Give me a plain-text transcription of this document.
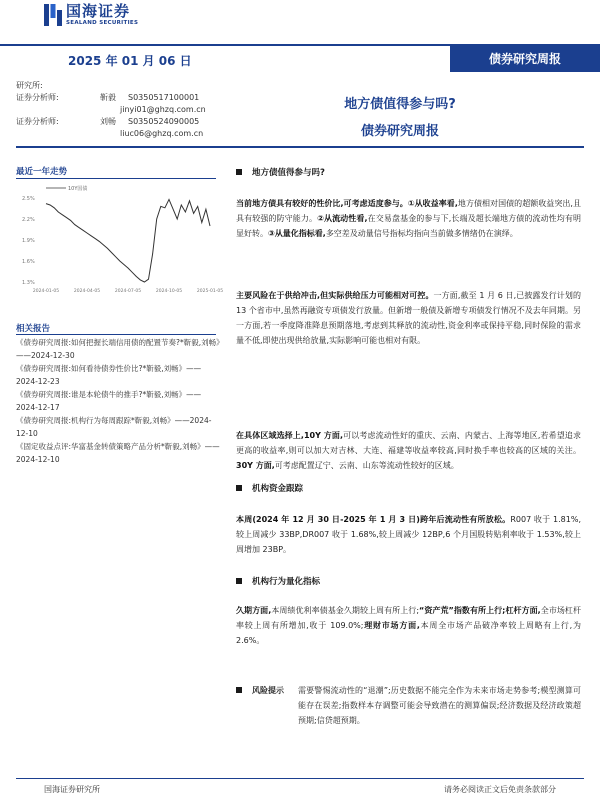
国海证券
SEALAND SECURITIES
2025 年 01 月 06 日	债券研究周报
研究所:
证券分析师:	靳毅	S0350517100001
jinyi01@ghzq.com.cn
证券分析师:	刘畅	S0350524090005
liuc06@ghzq.com.cn
地方债值得参与吗?
债券研究周报
最近一年走势
2.5%
2.2%
1.9%
1.6%
1.3%
2024-01-05	2024-04-05	2024-07-05	2024-10-05	2025-01-05
10Y国债
相关报告
《债券研究周报:如何把握长端信用债的配置节奏?*靳毅,刘畅》——2024-12-30
《债券研究周报:如何看待债券性价比?*靳毅,刘畅》——2024-12-23
《债券研究周报:谁是本轮债牛的推手?*靳毅,刘畅》——2024-12-17
《债券研究周报:机构行为每周跟踪*靳毅,刘畅》——2024-12-10
《固定收益点评:华富基金转债策略产品分析*靳毅,刘畅》——2024-12-10
地方债值得参与吗?
当前地方债具有较好的性价比,可考虑适度参与。①从收益率看,地方债相对国债的超额收益突出,且具有较强的防守能力。②从流动性看,在交易盘基金的参与下,长端及超长端地方债的流动性均有明显好转。③从量化指标看,多空差及动量信号指标均指向当前做多情绪仍在演绎。
主要风险在于供给冲击,但实际供给压力可能相对可控。一方面,截至 1 月 6 日,已披露发行计划的 13 个省市中,虽然再融资专项债发行放量。但新增一般债及新增专项债发行情况不及去年同期。另一方面,若一季度降准降息预期落地,考虑到其释放的流动性,资金利率或保持平稳,同时保险的需求量不低,即使出现供给放量,实际影响可能也相对有限。
在具体区域选择上,10Y 方面,可以考虑流动性好的重庆、云南、内蒙古、上海等地区,若希望追求更高的收益率,则可以加大对吉林、大连、福建等收益率较高,同时换手率也较高的区域的关注。30Y 方面,可考虑配置辽宁、云南、山东等流动性较好的区域。
机构资金跟踪
本周(2024 年 12 月 30 日-2025 年 1 月 3 日)跨年后流动性有所放松。R007 收于 1.81%,较上周减少 33BP,DR007 收于 1.68%,较上周减少 12BP,6 个月国股转贴利率收于 1.53%,较上周增加 23BP。
机构行为量化指标
久期方面,本周绩优利率债基金久期较上周有所上行;“资产荒”指数有所上行;杠杆方面,全市场杠杆率较上周有所增加,收于 109.0%;理财市场方面,本周全市场产品破净率较上周略有上行,为 2.6%。
风险提示 需要警惕流动性的“退潮”;历史数据不能完全作为未来市场走势参考;模型测算可能存在误差;指数样本存调整可能会导致潜在的测算偏误;经济数据及经济政策超预期;信贷超预期。
国海证券研究所	请务必阅读正文后免责条款部分
